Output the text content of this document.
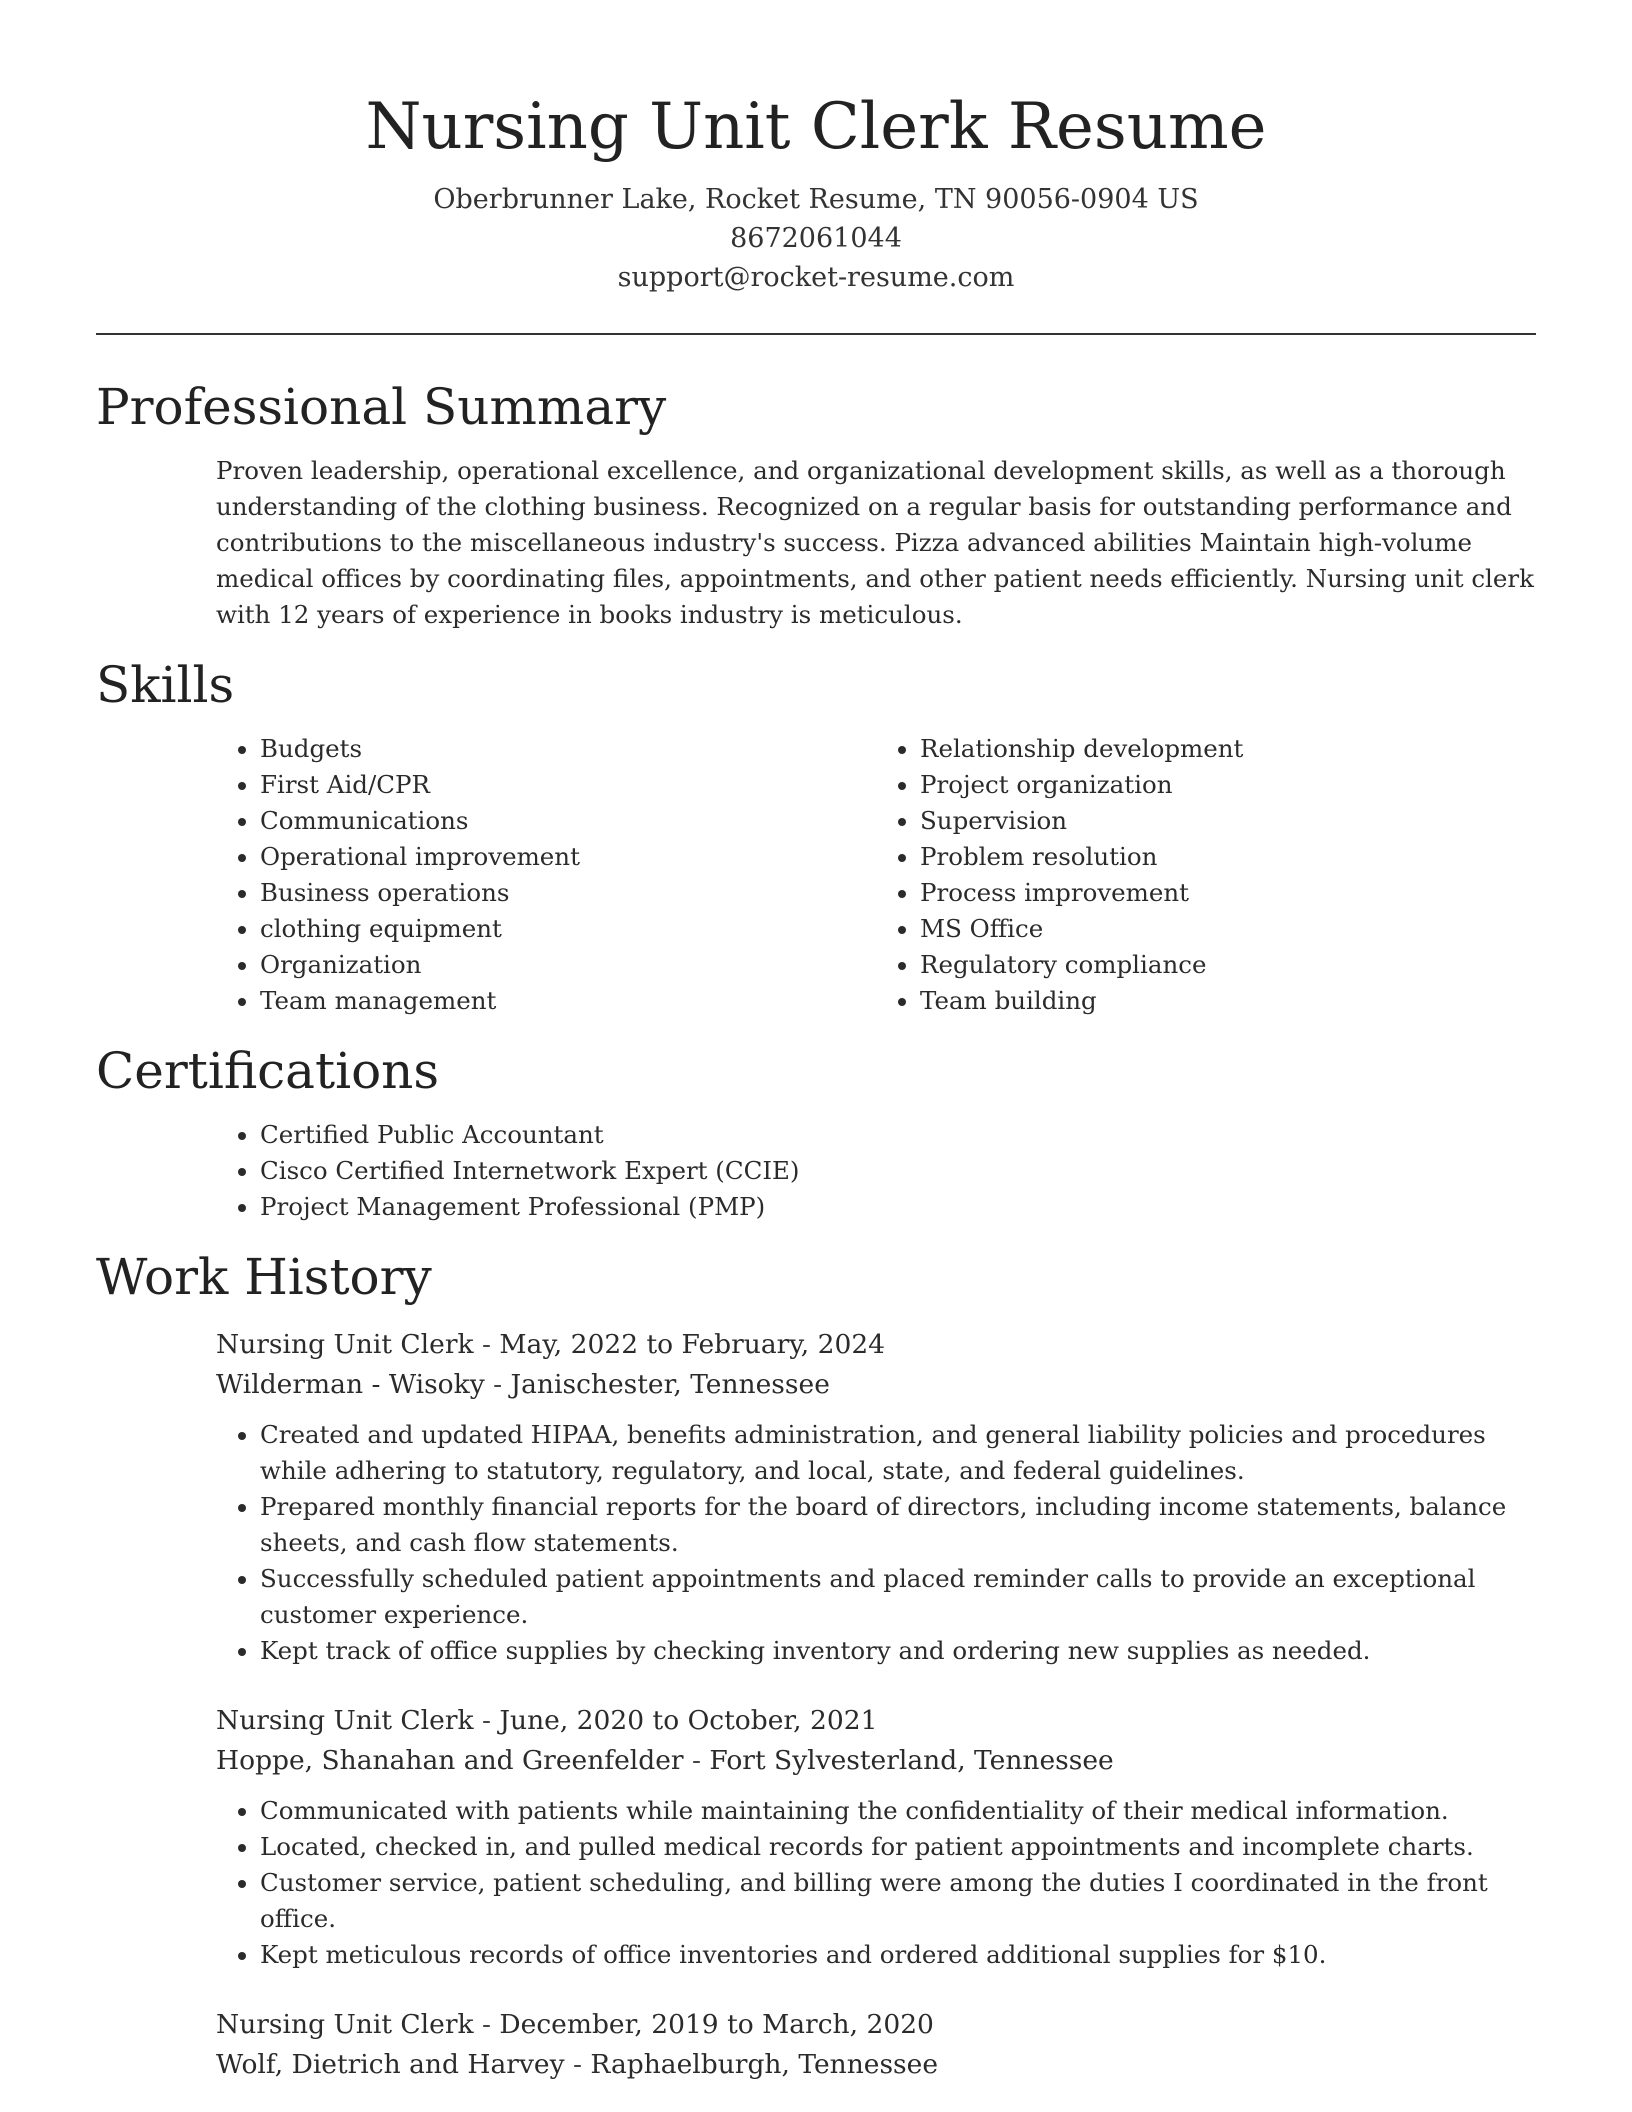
Nursing Unit Clerk Resume
Oberbrunner Lake, Rocket Resume, TN 90056-0904 US
8672061044
support@rocket-resume.com
Professional Summary

Proven leadership, operational excellence, and organizational development skills, as well as a thorough understanding of the clothing business. Recognized on a regular basis for outstanding performance and contributions to the miscellaneous industry's success. Pizza advanced abilities Maintain high-volume medical offices by coordinating files, appointments, and other patient needs efficiently. Nursing unit clerk with 12 years of experience in books industry is meticulous.

Skills
• Budgets
• First Aid/CPR
• Communications
• Operational improvement
• Business operations
• clothing equipment
• Organization
• Team management
• Relationship development
• Project organization
• Supervision
• Problem resolution
• Process improvement
• MS Office
• Regulatory compliance
• Team building
Certifications
• Certified Public Accountant
• Cisco Certified Internetwork Expert (CCIE)
• Project Management Professional (PMP)
Work History
Nursing Unit Clerk - May, 2022 to February, 2024
Wilderman - Wisoky - Janischester, Tennessee
• Created and updated HIPAA, benefits administration, and general liability policies and procedures while adhering to statutory, regulatory, and local, state, and federal guidelines.
• Prepared monthly financial reports for the board of directors, including income statements, balance sheets, and cash flow statements.
• Successfully scheduled patient appointments and placed reminder calls to provide an exceptional customer experience.
• Kept track of office supplies by checking inventory and ordering new supplies as needed.
Nursing Unit Clerk - June, 2020 to October, 2021
Hoppe, Shanahan and Greenfelder - Fort Sylvesterland, Tennessee
• Communicated with patients while maintaining the confidentiality of their medical information.
• Located, checked in, and pulled medical records for patient appointments and incomplete charts.
• Customer service, patient scheduling, and billing were among the duties I coordinated in the front office.
• Kept meticulous records of office inventories and ordered additional supplies for $10.
Nursing Unit Clerk - December, 2019 to March, 2020
Wolf, Dietrich and Harvey - Raphaelburgh, Tennessee
